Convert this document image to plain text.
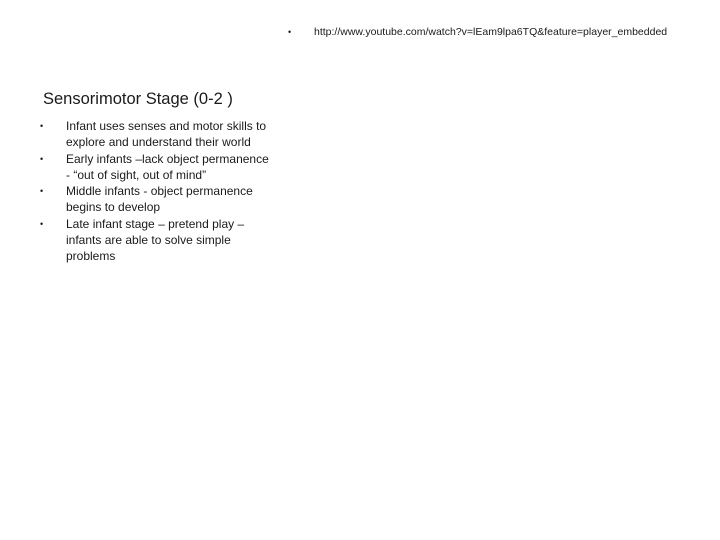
•	http://www.youtube.com/watch?v=lEam9lpa6TQ&feature=player_embedded
Sensorimotor Stage (0-2 )
•	Infant uses senses and motor skills to explore and understand their world
•	Early infants –lack object permanence - “out of sight, out of mind”
•	Middle infants - object permanence begins to develop
•	Late infant stage – pretend play – infants are able to solve simple problems
